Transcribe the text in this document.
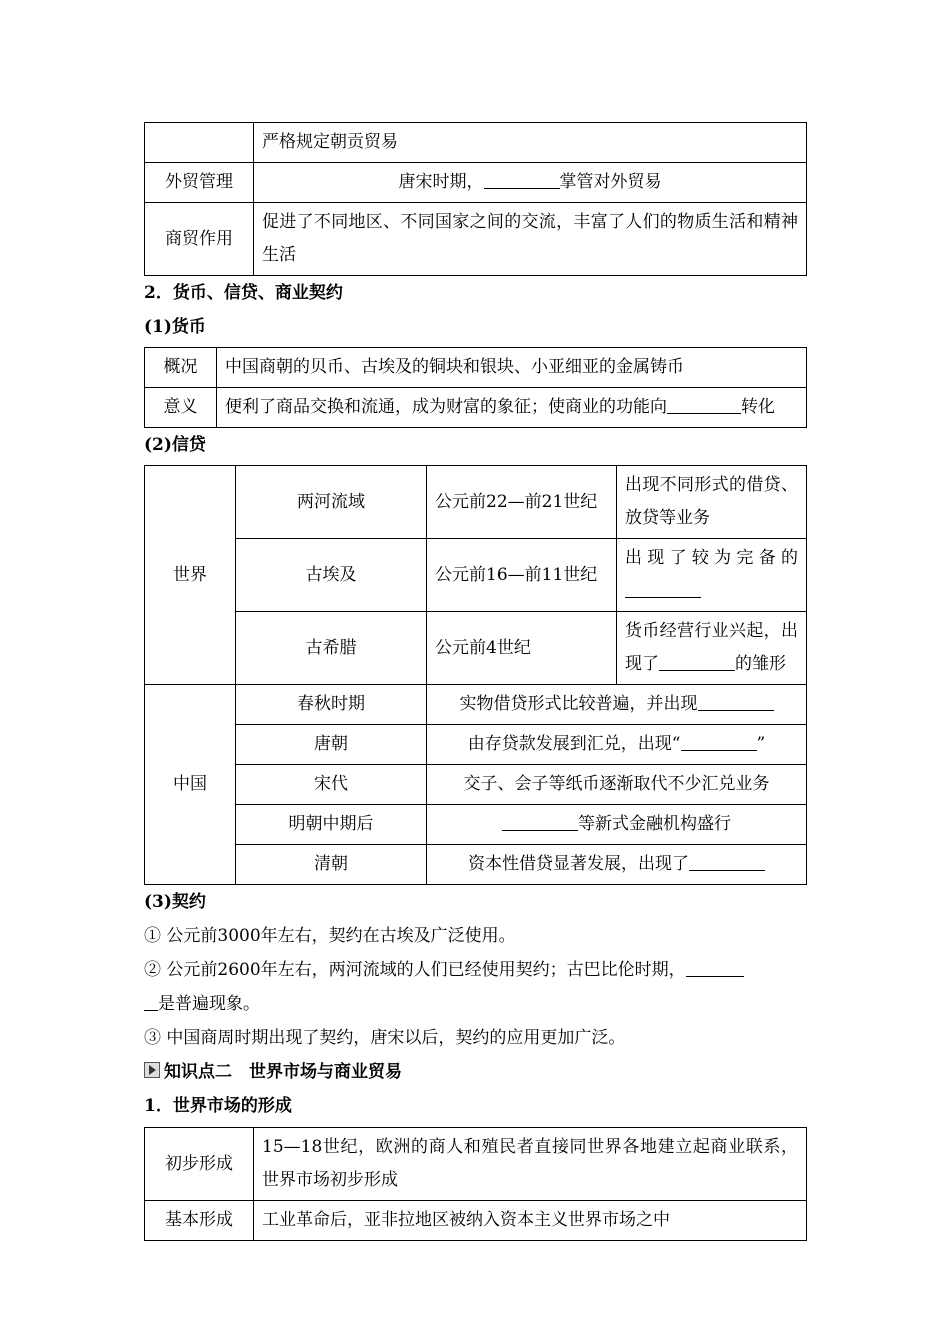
	严格规定朝贡贸易
外贸管理	唐宋时期， 掌管对外贸易
商贸作用	促进了不同地区、不同国家之间的交流，丰富了人们的物质生活和精神生活

2．货币、信贷、商业契约

(1)货币

概况	中国商朝的贝币、古埃及的铜块和银块、小亚细亚的金属铸币
意义	便利了商品交换和流通，成为财富的象征；使商业的功能向 转化

(2)信贷

世界	两河流域	公元前22—前21世纪	出现不同形式的借贷、放贷等业务
	古埃及	公元前16—前11世纪	出现了较为完备的
	古希腊	公元前4世纪	货币经营行业兴起，出现了 的雏形
中国	春秋时期	实物借贷形式比较普遍，并出现	
	唐朝	由存贷款发展到汇兑，出现“ ”	
	宋代	交子、会子等纸币逐渐取代不少汇兑业务	
	明朝中期后	等新式金融机构盛行	
	清朝	资本性借贷显著发展，出现了	

(3)契约

① 公元前3000年左右，契约在古埃及广泛使用。

② 公元前2600年左右，两河流域的人们已经使用契约；古巴比伦时期，
是普遍现象。

③ 中国商周时期出现了契约，唐宋以后，契约的应用更加广泛。

知识点二　世界市场与商业贸易

1．世界市场的形成

初步形成	15—18世纪，欧洲的商人和殖民者直接同世界各地建立起商业联系，世界市场初步形成
基本形成	工业革命后，亚非拉地区被纳入资本主义世界市场之中
